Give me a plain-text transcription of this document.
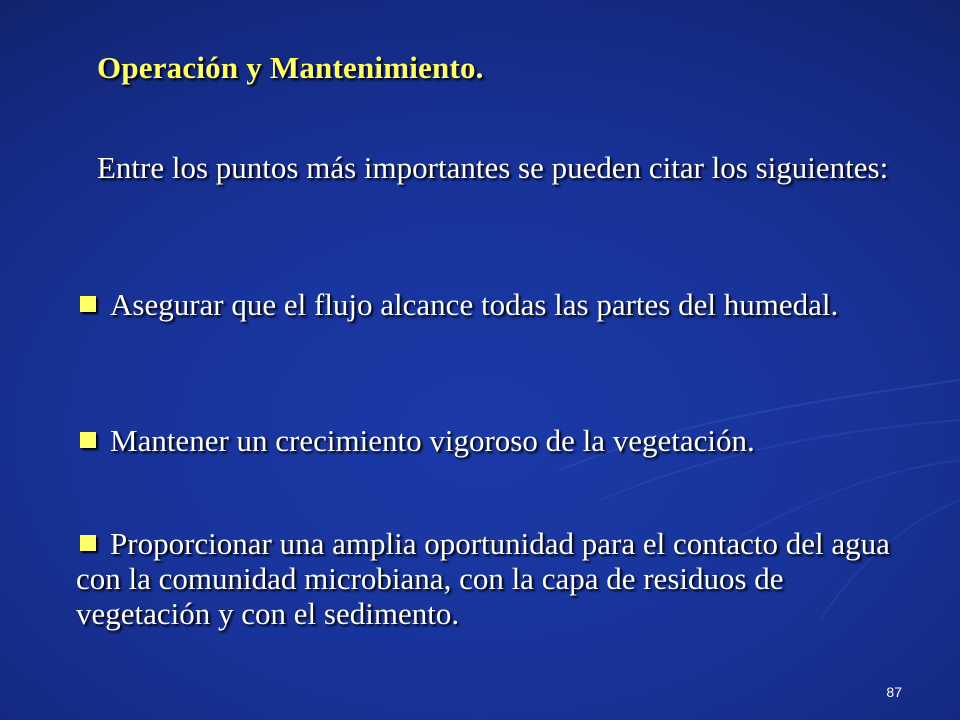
Operación y Mantenimiento.
Entre los puntos más importantes se pueden citar los siguientes:
Asegurar que el flujo alcance todas las partes del humedal.
Mantener un crecimiento vigoroso de la vegetación.
Proporcionar una amplia oportunidad para el contacto del agua con la comunidad microbiana, con la capa de residuos de vegetación y con el sedimento.
87
